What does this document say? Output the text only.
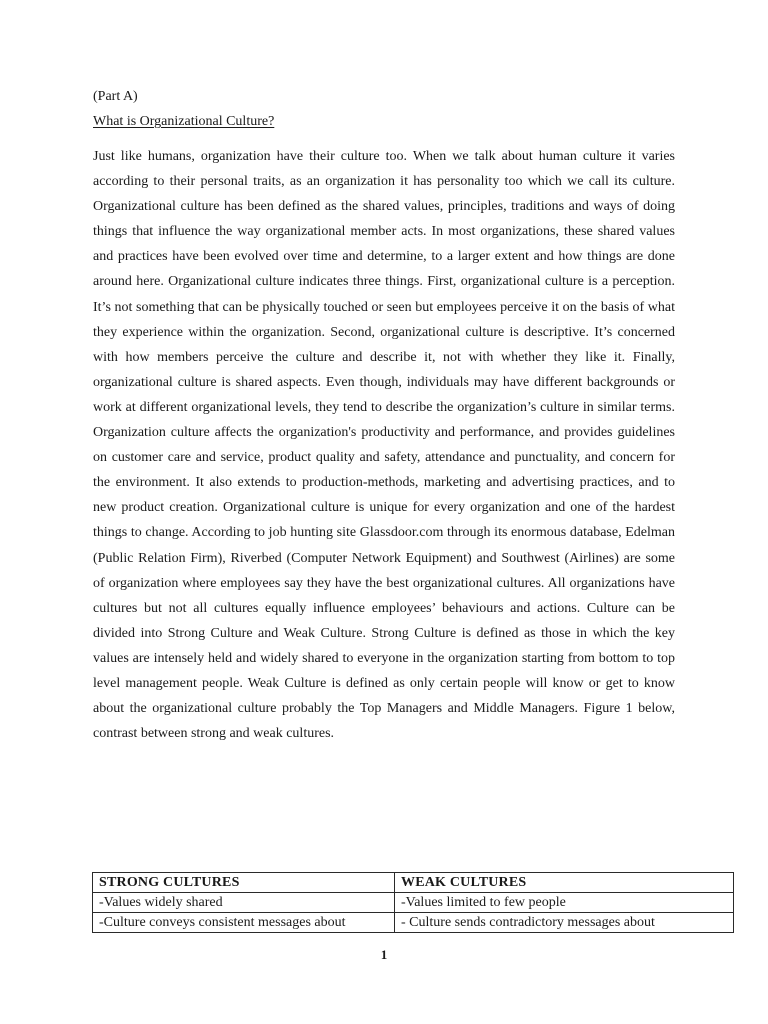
(Part A)
What is Organizational Culture?

Just like humans, organization have their culture too. When we talk about human culture it varies according to their personal traits, as an organization it has personality too which we call its culture. Organizational culture has been defined as the shared values, principles, traditions and ways of doing things that influence the way organizational member acts. In most organizations, these shared values and practices have been evolved over time and determine, to a larger extent and how things are done around here. Organizational culture indicates three things. First, organizational culture is a perception. It’s not something that can be physically touched or seen but employees perceive it on the basis of what they experience within the organization. Second, organizational culture is descriptive. It’s concerned with how members perceive the culture and describe it, not with whether they like it. Finally, organizational culture is shared aspects. Even though, individuals may have different backgrounds or work at different organizational levels, they tend to describe the organization’s culture in similar terms. Organization culture affects the organization's productivity and performance, and provides guidelines on customer care and service, product quality and safety, attendance and punctuality, and concern for the environment. It also extends to production-methods, marketing and advertising practices, and to new product creation. Organizational culture is unique for every organization and one of the hardest things to change. According to job hunting site Glassdoor.com through its enormous database, Edelman (Public Relation Firm), Riverbed (Computer Network Equipment) and Southwest (Airlines) are some of organization where employees say they have the best organizational cultures. All organizations have cultures but not all cultures equally influence employees’ behaviours and actions. Culture can be divided into Strong Culture and Weak Culture. Strong Culture is defined as those in which the key values are intensely held and widely shared to everyone in the organization starting from bottom to top level management people. Weak Culture is defined as only certain people will know or get to know about the organizational culture probably the Top Managers and Middle Managers. Figure 1 below, contrast between strong and weak cultures.

STRONG CULTURES	WEAK CULTURES
-Values widely shared	-Values limited to few people
-Culture conveys consistent messages about	- Culture sends contradictory messages about
1
